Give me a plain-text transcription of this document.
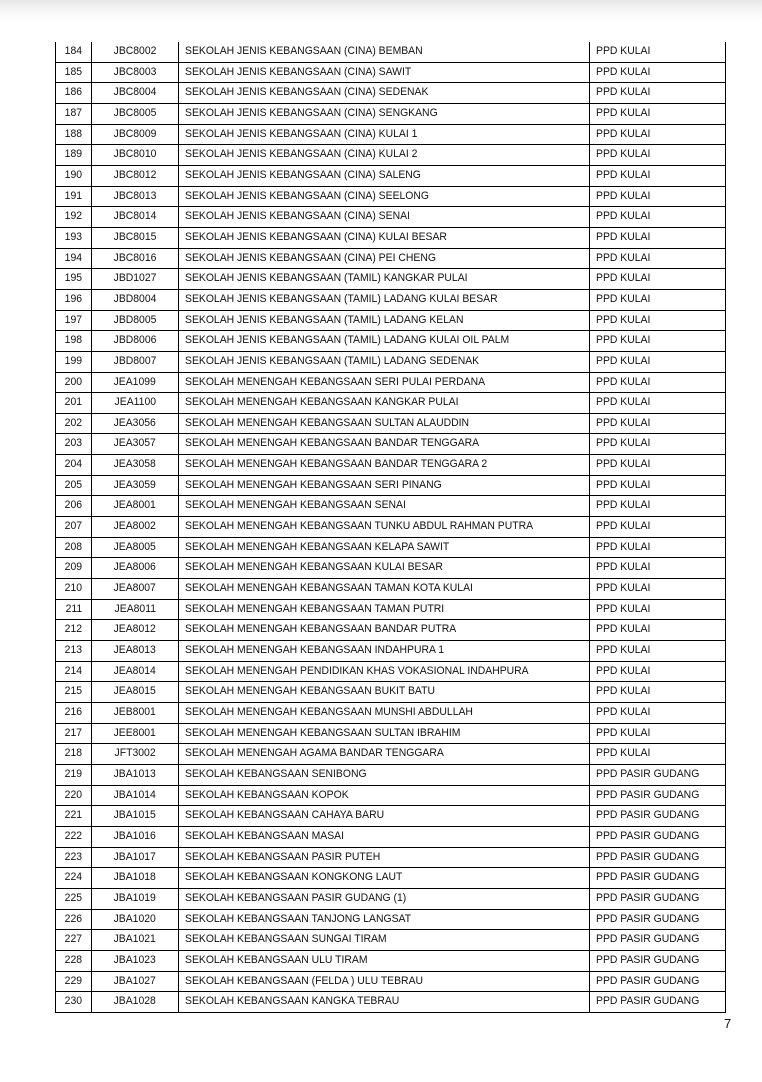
184	JBC8002	SEKOLAH JENIS KEBANGSAAN (CINA) BEMBAN	PPD KULAI
185	JBC8003	SEKOLAH JENIS KEBANGSAAN (CINA) SAWIT	PPD KULAI
186	JBC8004	SEKOLAH JENIS KEBANGSAAN (CINA) SEDENAK	PPD KULAI
187	JBC8005	SEKOLAH JENIS KEBANGSAAN (CINA) SENGKANG	PPD KULAI
188	JBC8009	SEKOLAH JENIS KEBANGSAAN (CINA) KULAI 1	PPD KULAI
189	JBC8010	SEKOLAH JENIS KEBANGSAAN (CINA) KULAI 2	PPD KULAI
190	JBC8012	SEKOLAH JENIS KEBANGSAAN (CINA) SALENG	PPD KULAI
191	JBC8013	SEKOLAH JENIS KEBANGSAAN (CINA) SEELONG	PPD KULAI
192	JBC8014	SEKOLAH JENIS KEBANGSAAN (CINA) SENAI	PPD KULAI
193	JBC8015	SEKOLAH JENIS KEBANGSAAN (CINA) KULAI BESAR	PPD KULAI
194	JBC8016	SEKOLAH JENIS KEBANGSAAN (CINA) PEI CHENG	PPD KULAI
195	JBD1027	SEKOLAH JENIS KEBANGSAAN (TAMIL) KANGKAR PULAI	PPD KULAI
196	JBD8004	SEKOLAH JENIS KEBANGSAAN (TAMIL) LADANG KULAI BESAR	PPD KULAI
197	JBD8005	SEKOLAH JENIS KEBANGSAAN (TAMIL) LADANG KELAN	PPD KULAI
198	JBD8006	SEKOLAH JENIS KEBANGSAAN (TAMIL) LADANG KULAI OIL PALM	PPD KULAI
199	JBD8007	SEKOLAH JENIS KEBANGSAAN (TAMIL) LADANG SEDENAK	PPD KULAI
200	JEA1099	SEKOLAH MENENGAH KEBANGSAAN SERI PULAI PERDANA	PPD KULAI
201	JEA1100	SEKOLAH MENENGAH KEBANGSAAN KANGKAR PULAI	PPD KULAI
202	JEA3056	SEKOLAH MENENGAH KEBANGSAAN SULTAN ALAUDDIN	PPD KULAI
203	JEA3057	SEKOLAH MENENGAH KEBANGSAAN BANDAR TENGGARA	PPD KULAI
204	JEA3058	SEKOLAH MENENGAH KEBANGSAAN BANDAR TENGGARA 2	PPD KULAI
205	JEA3059	SEKOLAH MENENGAH KEBANGSAAN SERI PINANG	PPD KULAI
206	JEA8001	SEKOLAH MENENGAH KEBANGSAAN SENAI	PPD KULAI
207	JEA8002	SEKOLAH MENENGAH KEBANGSAAN TUNKU ABDUL RAHMAN PUTRA	PPD KULAI
208	JEA8005	SEKOLAH MENENGAH KEBANGSAAN KELAPA SAWIT	PPD KULAI
209	JEA8006	SEKOLAH MENENGAH KEBANGSAAN KULAI BESAR	PPD KULAI
210	JEA8007	SEKOLAH MENENGAH KEBANGSAAN TAMAN KOTA KULAI	PPD KULAI
211	JEA8011	SEKOLAH MENENGAH KEBANGSAAN TAMAN PUTRI	PPD KULAI
212	JEA8012	SEKOLAH MENENGAH KEBANGSAAN BANDAR PUTRA	PPD KULAI
213	JEA8013	SEKOLAH MENENGAH KEBANGSAAN INDAHPURA 1	PPD KULAI
214	JEA8014	SEKOLAH MENENGAH PENDIDIKAN KHAS VOKASIONAL INDAHPURA	PPD KULAI
215	JEA8015	SEKOLAH MENENGAH KEBANGSAAN BUKIT BATU	PPD KULAI
216	JEB8001	SEKOLAH MENENGAH KEBANGSAAN MUNSHI ABDULLAH	PPD KULAI
217	JEE8001	SEKOLAH MENENGAH KEBANGSAAN SULTAN IBRAHIM	PPD KULAI
218	JFT3002	SEKOLAH MENENGAH AGAMA BANDAR TENGGARA	PPD KULAI
219	JBA1013	SEKOLAH KEBANGSAAN SENIBONG	PPD PASIR GUDANG
220	JBA1014	SEKOLAH KEBANGSAAN KOPOK	PPD PASIR GUDANG
221	JBA1015	SEKOLAH KEBANGSAAN CAHAYA BARU	PPD PASIR GUDANG
222	JBA1016	SEKOLAH KEBANGSAAN MASAI	PPD PASIR GUDANG
223	JBA1017	SEKOLAH KEBANGSAAN PASIR PUTEH	PPD PASIR GUDANG
224	JBA1018	SEKOLAH KEBANGSAAN KONGKONG LAUT	PPD PASIR GUDANG
225	JBA1019	SEKOLAH KEBANGSAAN PASIR GUDANG (1)	PPD PASIR GUDANG
226	JBA1020	SEKOLAH KEBANGSAAN TANJONG LANGSAT	PPD PASIR GUDANG
227	JBA1021	SEKOLAH KEBANGSAAN SUNGAI TIRAM	PPD PASIR GUDANG
228	JBA1023	SEKOLAH KEBANGSAAN ULU TIRAM	PPD PASIR GUDANG
229	JBA1027	SEKOLAH KEBANGSAAN (FELDA ) ULU TEBRAU	PPD PASIR GUDANG
230	JBA1028	SEKOLAH KEBANGSAAN KANGKA TEBRAU	PPD PASIR GUDANG
7
